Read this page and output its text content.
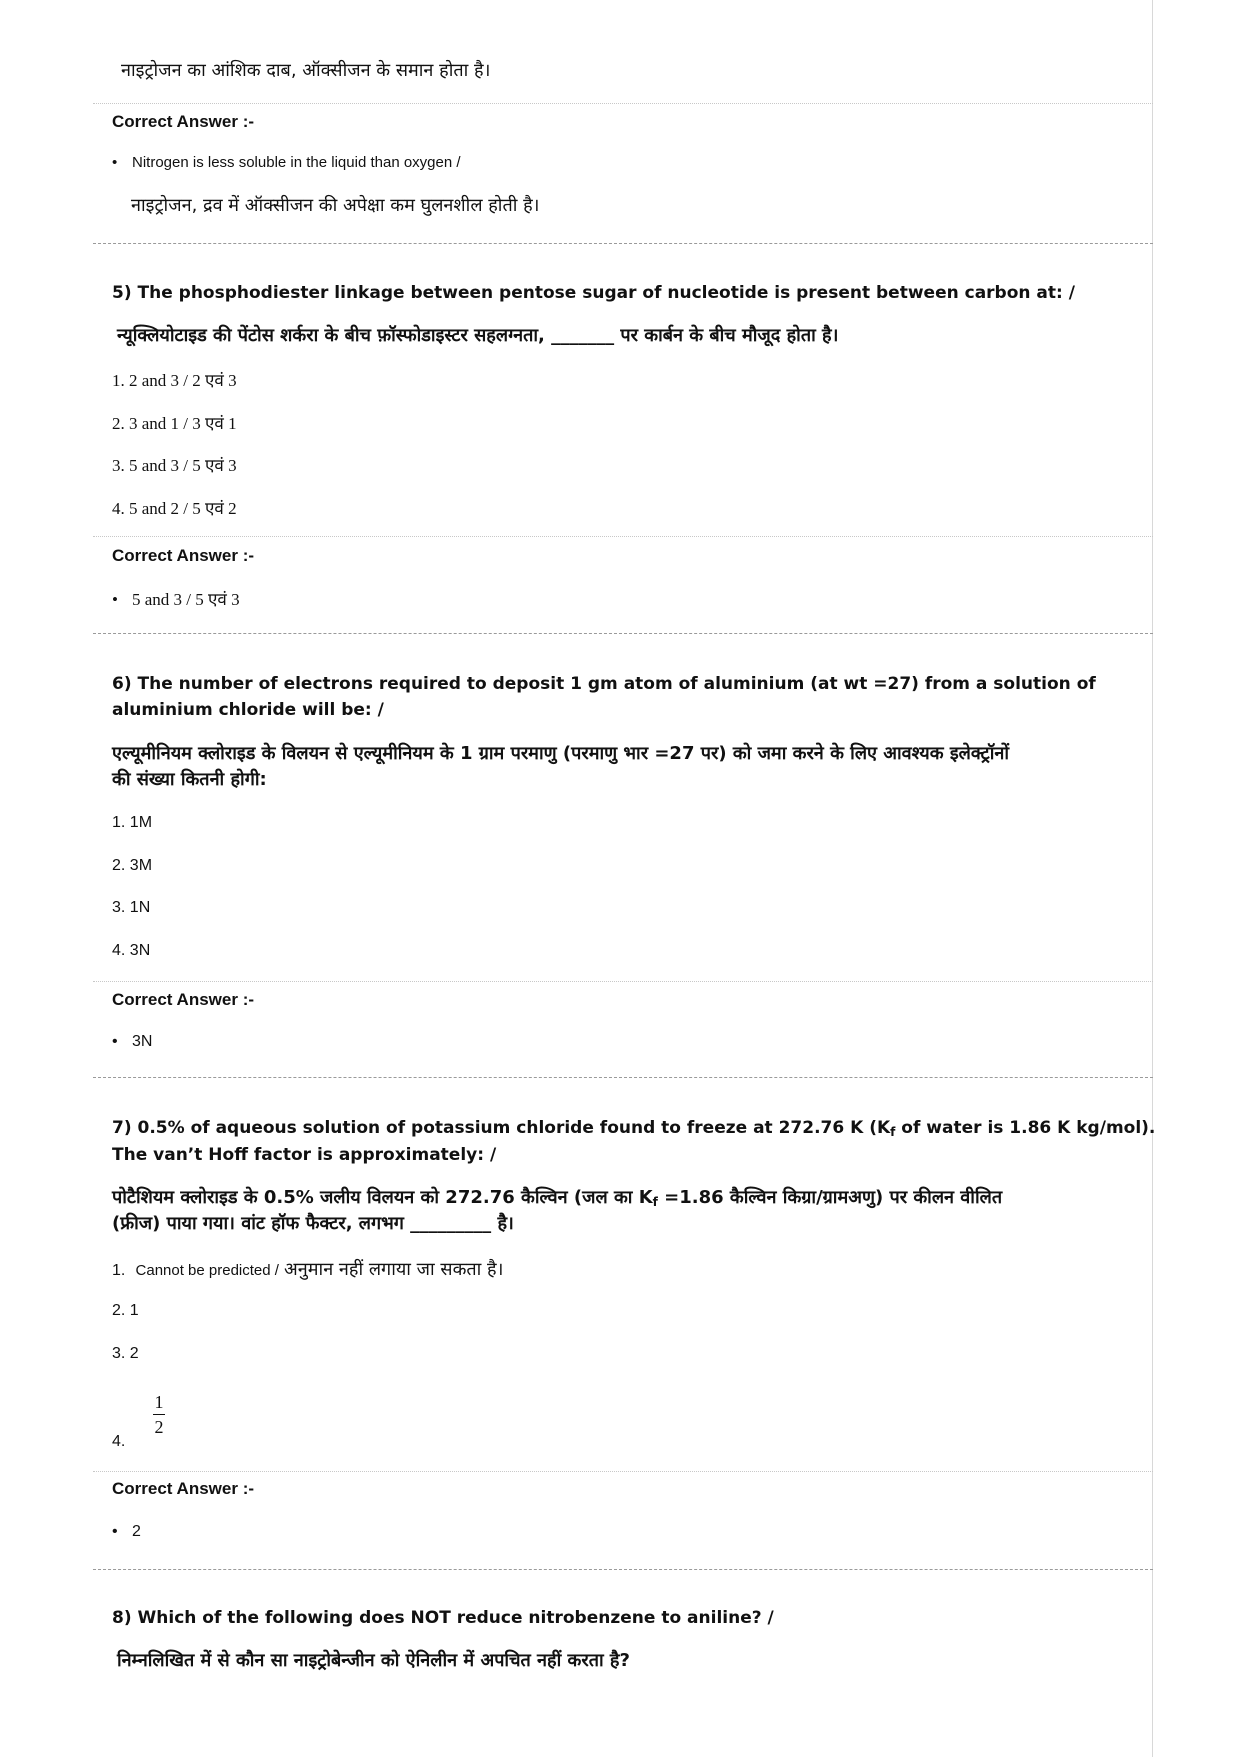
नाइट्रोजन का आंशिक दाब, ऑक्सीजन के समान होता है।
Correct Answer :-
• Nitrogen is less soluble in the liquid than oxygen /
नाइट्रोजन, द्रव में ऑक्सीजन की अपेक्षा कम घुलनशील होती है।
5) The phosphodiester linkage between pentose sugar of nucleotide is present between carbon at: /
न्यूक्लियोटाइड की पेंटोस शर्करा के बीच फ़ॉस्फोडाइस्टर सहलग्नता, _______ पर कार्बन के बीच मौजूद होता है।
1. 2 and 3 / 2 एवं 3
2. 3 and 1 / 3 एवं 1
3. 5 and 3 / 5 एवं 3
4. 5 and 2 / 5 एवं 2
Correct Answer :-
• 5 and 3 / 5 एवं 3
6) The number of electrons required to deposit 1 gm atom of aluminium (at wt =27) from a solution of
aluminium chloride will be: /
एल्यूमीनियम क्लोराइड के विलयन से एल्यूमीनियम के 1 ग्राम परमाणु (परमाणु भार =27 पर) को जमा करने के लिए आवश्यक इलेक्ट्रॉनों
की संख्या कितनी होगी:
1. 1M
2. 3M
3. 1N
4. 3N
Correct Answer :-
• 3N
7) 0.5% of aqueous solution of potassium chloride found to freeze at 272.76 K ($K_f$ of water is 1.86 K kg/mol).
The van’t Hoff factor is approximately: /
पोटैशियम क्लोराइड के 0.5% जलीय विलयन को 272.76 कैल्विन (जल का $K_f =1.86$ कैल्विन किग्रा/ग्रामअणु) पर कीलन वीलित
(फ्रीज) पाया गया। वांट हॉफ फैक्टर, लगभग _________ है।
1. Cannot be predicted / अनुमान नहीं लगाया जा सकता है।
2. 1
3. 2
1
2
4.
Correct Answer :-
• 2
8) Which of the following does NOT reduce nitrobenzene to aniline? /
निम्नलिखित में से कौन सा नाइट्रोबेन्जीन को ऐनिलीन में अपचित नहीं करता है?
